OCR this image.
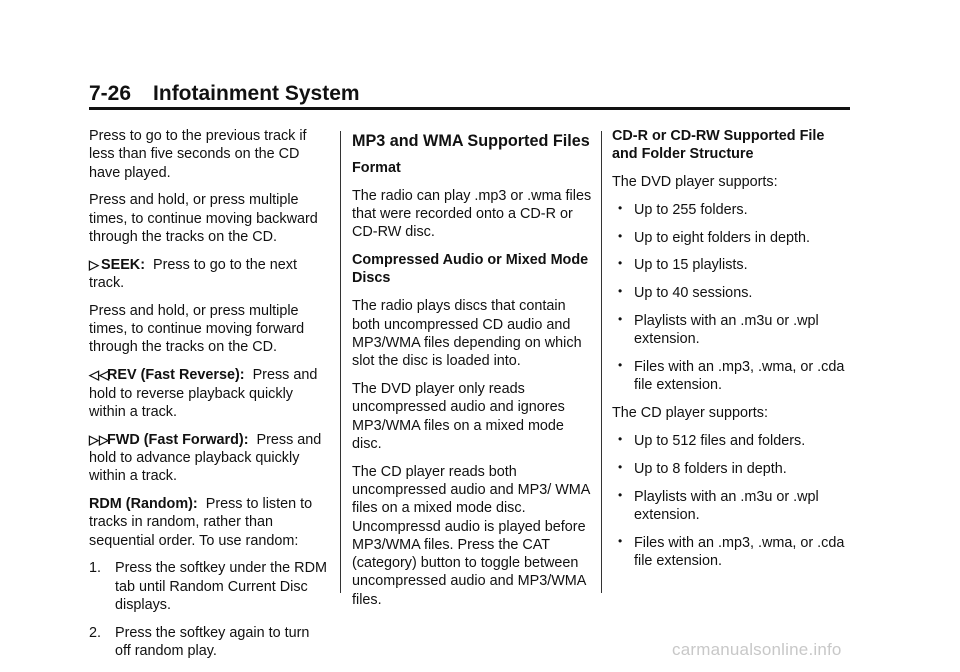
7-26 Infotainment System

Press to go to the previous track if less than five seconds on the CD have played.

Press and hold, or press multiple times, to continue moving backward through the tracks on the CD.

▷ SEEK: Press to go to the next track.

Press and hold, or press multiple times, to continue moving forward through the tracks on the CD.

◁◁REV (Fast Reverse): Press and hold to reverse playback quickly within a track.

▷▷FWD (Fast Forward): Press and hold to advance playback quickly within a track.

RDM (Random): Press to listen to tracks in random, rather than sequential order. To use random:

1. Press the softkey under the RDM tab until Random Current Disc displays.
2. Press the softkey again to turn off random play.
MP3 and WMA Supported Files

Format

The radio can play .mp3 or .wma files that were recorded onto a CD-R or CD-RW disc.

Compressed Audio or Mixed Mode Discs

The radio plays discs that contain both uncompressed CD audio and MP3/WMA files depending on which slot the disc is loaded into.

The DVD player only reads uncompressed audio and ignores MP3/WMA files on a mixed mode disc.

The CD player reads both uncompressed audio and MP3/ WMA files on a mixed mode disc. Uncompressd audio is played before MP3/WMA files. Press the CAT (category) button to toggle between uncompressed audio and MP3/WMA files.

CD-R or CD-RW Supported File and Folder Structure

The DVD player supports:

• Up to 255 folders.
• Up to eight folders in depth.
• Up to 15 playlists.
• Up to 40 sessions.
• Playlists with an .m3u or .wpl extension.
• Files with an .mp3, .wma, or .cda file extension.

The CD player supports:

• Up to 512 files and folders.
• Up to 8 folders in depth.
• Playlists with an .m3u or .wpl extension.
• Files with an .mp3, .wma, or .cda file extension.
carmanualsonline.info
